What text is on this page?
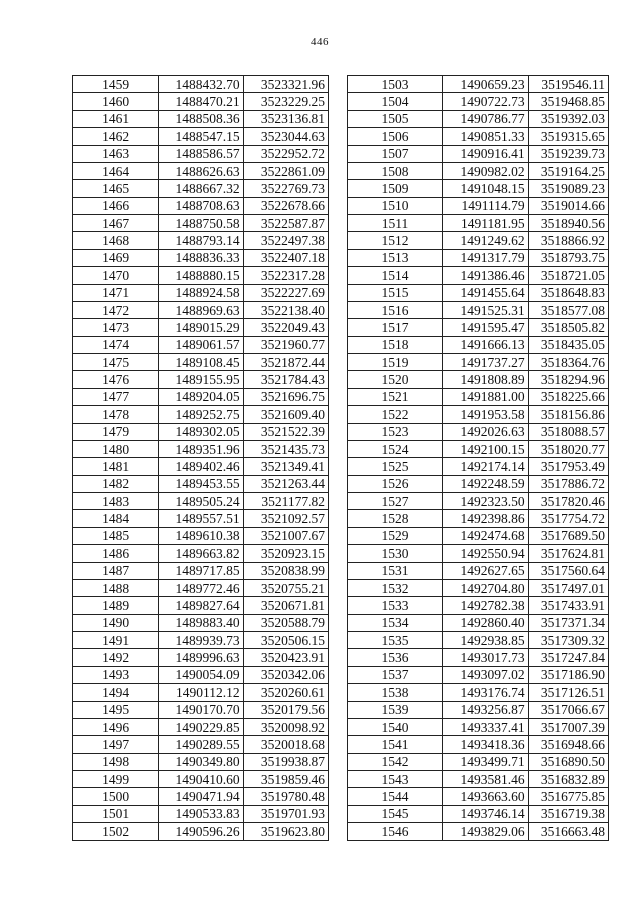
446
1459	1488432.70	3523321.96
1460	1488470.21	3523229.25
1461	1488508.36	3523136.81
1462	1488547.15	3523044.63
1463	1488586.57	3522952.72
1464	1488626.63	3522861.09
1465	1488667.32	3522769.73
1466	1488708.63	3522678.66
1467	1488750.58	3522587.87
1468	1488793.14	3522497.38
1469	1488836.33	3522407.18
1470	1488880.15	3522317.28
1471	1488924.58	3522227.69
1472	1488969.63	3522138.40
1473	1489015.29	3522049.43
1474	1489061.57	3521960.77
1475	1489108.45	3521872.44
1476	1489155.95	3521784.43
1477	1489204.05	3521696.75
1478	1489252.75	3521609.40
1479	1489302.05	3521522.39
1480	1489351.96	3521435.73
1481	1489402.46	3521349.41
1482	1489453.55	3521263.44
1483	1489505.24	3521177.82
1484	1489557.51	3521092.57
1485	1489610.38	3521007.67
1486	1489663.82	3520923.15
1487	1489717.85	3520838.99
1488	1489772.46	3520755.21
1489	1489827.64	3520671.81
1490	1489883.40	3520588.79
1491	1489939.73	3520506.15
1492	1489996.63	3520423.91
1493	1490054.09	3520342.06
1494	1490112.12	3520260.61
1495	1490170.70	3520179.56
1496	1490229.85	3520098.92
1497	1490289.55	3520018.68
1498	1490349.80	3519938.87
1499	1490410.60	3519859.46
1500	1490471.94	3519780.48
1501	1490533.83	3519701.93
1502	1490596.26	3519623.80
1503	1490659.23	3519546.11
1504	1490722.73	3519468.85
1505	1490786.77	3519392.03
1506	1490851.33	3519315.65
1507	1490916.41	3519239.73
1508	1490982.02	3519164.25
1509	1491048.15	3519089.23
1510	1491114.79	3519014.66
1511	1491181.95	3518940.56
1512	1491249.62	3518866.92
1513	1491317.79	3518793.75
1514	1491386.46	3518721.05
1515	1491455.64	3518648.83
1516	1491525.31	3518577.08
1517	1491595.47	3518505.82
1518	1491666.13	3518435.05
1519	1491737.27	3518364.76
1520	1491808.89	3518294.96
1521	1491881.00	3518225.66
1522	1491953.58	3518156.86
1523	1492026.63	3518088.57
1524	1492100.15	3518020.77
1525	1492174.14	3517953.49
1526	1492248.59	3517886.72
1527	1492323.50	3517820.46
1528	1492398.86	3517754.72
1529	1492474.68	3517689.50
1530	1492550.94	3517624.81
1531	1492627.65	3517560.64
1532	1492704.80	3517497.01
1533	1492782.38	3517433.91
1534	1492860.40	3517371.34
1535	1492938.85	3517309.32
1536	1493017.73	3517247.84
1537	1493097.02	3517186.90
1538	1493176.74	3517126.51
1539	1493256.87	3517066.67
1540	1493337.41	3517007.39
1541	1493418.36	3516948.66
1542	1493499.71	3516890.50
1543	1493581.46	3516832.89
1544	1493663.60	3516775.85
1545	1493746.14	3516719.38
1546	1493829.06	3516663.48
